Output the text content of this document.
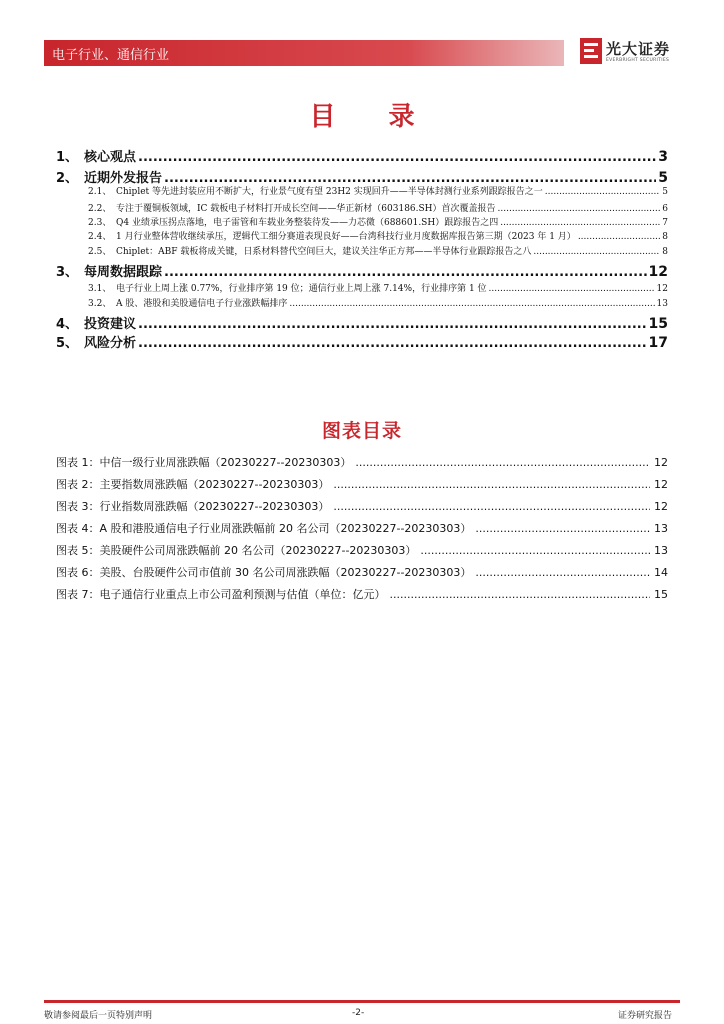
电子行业、通信行业	光大证券
EVERBRIGHT SECURITIES
目 录
1、 核心观点 .....	3
2、 近期外发报告 .....	5
2.1、 Chiplet 等先进封装应用不断扩大，行业景气度有望 23H2 实现回升——半导体封测行业系列跟踪报告之一 .....	5
2.2、 专注于覆铜板领域，IC 载板电子材料打开成长空间——华正新材（603186.SH）首次覆盖报告 .....	6
2.3、 Q4 业绩承压拐点落地，电子雷管和车载业务整装待发——力芯微（688601.SH）跟踪报告之四 .....	7
2.4、 1 月行业整体营收继续承压，逻辑代工细分赛道表现良好——台湾科技行业月度数据库报告第三期（2023 年 1 月） .....	8
2.5、 Chiplet：ABF 载板将成关键，日系材料替代空间巨大，建议关注华正方邦——半导体行业跟踪报告之八 .....	8
3、 每周数据跟踪 .....	12
3.1、 电子行业上周上涨 0.77%，行业排序第 19 位；通信行业上周上涨 7.14%，行业排序第 1 位 .....	12
3.2、 A 股、港股和美股通信电子行业涨跌幅排序 .....	13
4、 投资建议 .....	15
5、 风险分析 .....	17
图表目录
图表 1：中信一级行业周涨跌幅（20230227--20230303） .....	12
图表 2：主要指数周涨跌幅（20230227--20230303） .....	12
图表 3：行业指数周涨跌幅（20230227--20230303） .....	12
图表 4：A 股和港股通信电子行业周涨跌幅前 20 名公司（20230227--20230303） .....	13
图表 5：美股硬件公司周涨跌幅前 20 名公司（20230227--20230303） .....	13
图表 6：美股、台股硬件公司市值前 30 名公司周涨跌幅（20230227--20230303） .....	14
图表 7：电子通信行业重点上市公司盈利预测与估值（单位：亿元） .....	15
敬请参阅最后一页特别声明	-2-	证券研究报告
